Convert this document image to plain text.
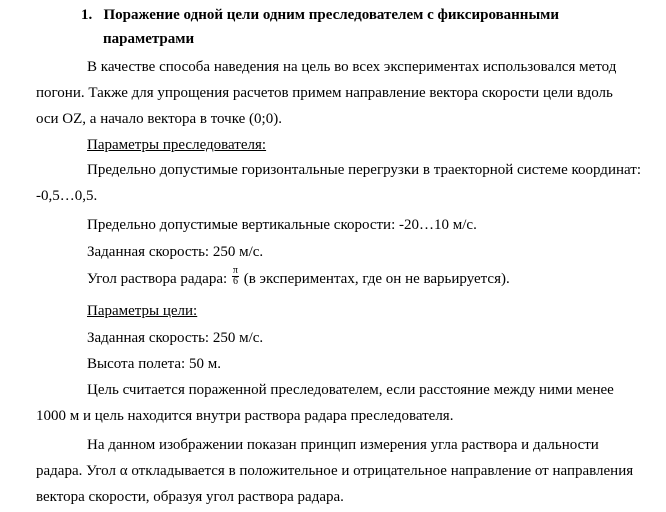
1. Поражение одной цели одним преследователем с фиксированными
параметрами
В качестве способа наведения на цель во всех экспериментах использовался метод
погони. Также для упрощения расчетов примем направление вектора скорости цели вдоль
оси OZ, а начало вектора в точке (0;0).
Параметры преследователя:
Предельно допустимые горизонтальные перегрузки в траекторной системе координат:
-0,5…0,5.
Предельно допустимые вертикальные скорости: -20…10 м/с.
Заданная скорость: 250 м/с.
Угол раствора радара: $\frac{\pi}{6} (в$ экспериментах, где он не варьируется).
Параметры цели:
Заданная скорость: 250 м/с.
Высота полета: 50 м.
Цель считается пораженной преследователем, если расстояние между ними менее
1000 м и цель находится внутри раствора радара преследователя.
На данном изображении показан принцип измерения угла раствора и дальности
радара. Угол α откладывается в положительное и отрицательное направление от направления
вектора скорости, образуя угол раствора радара.
